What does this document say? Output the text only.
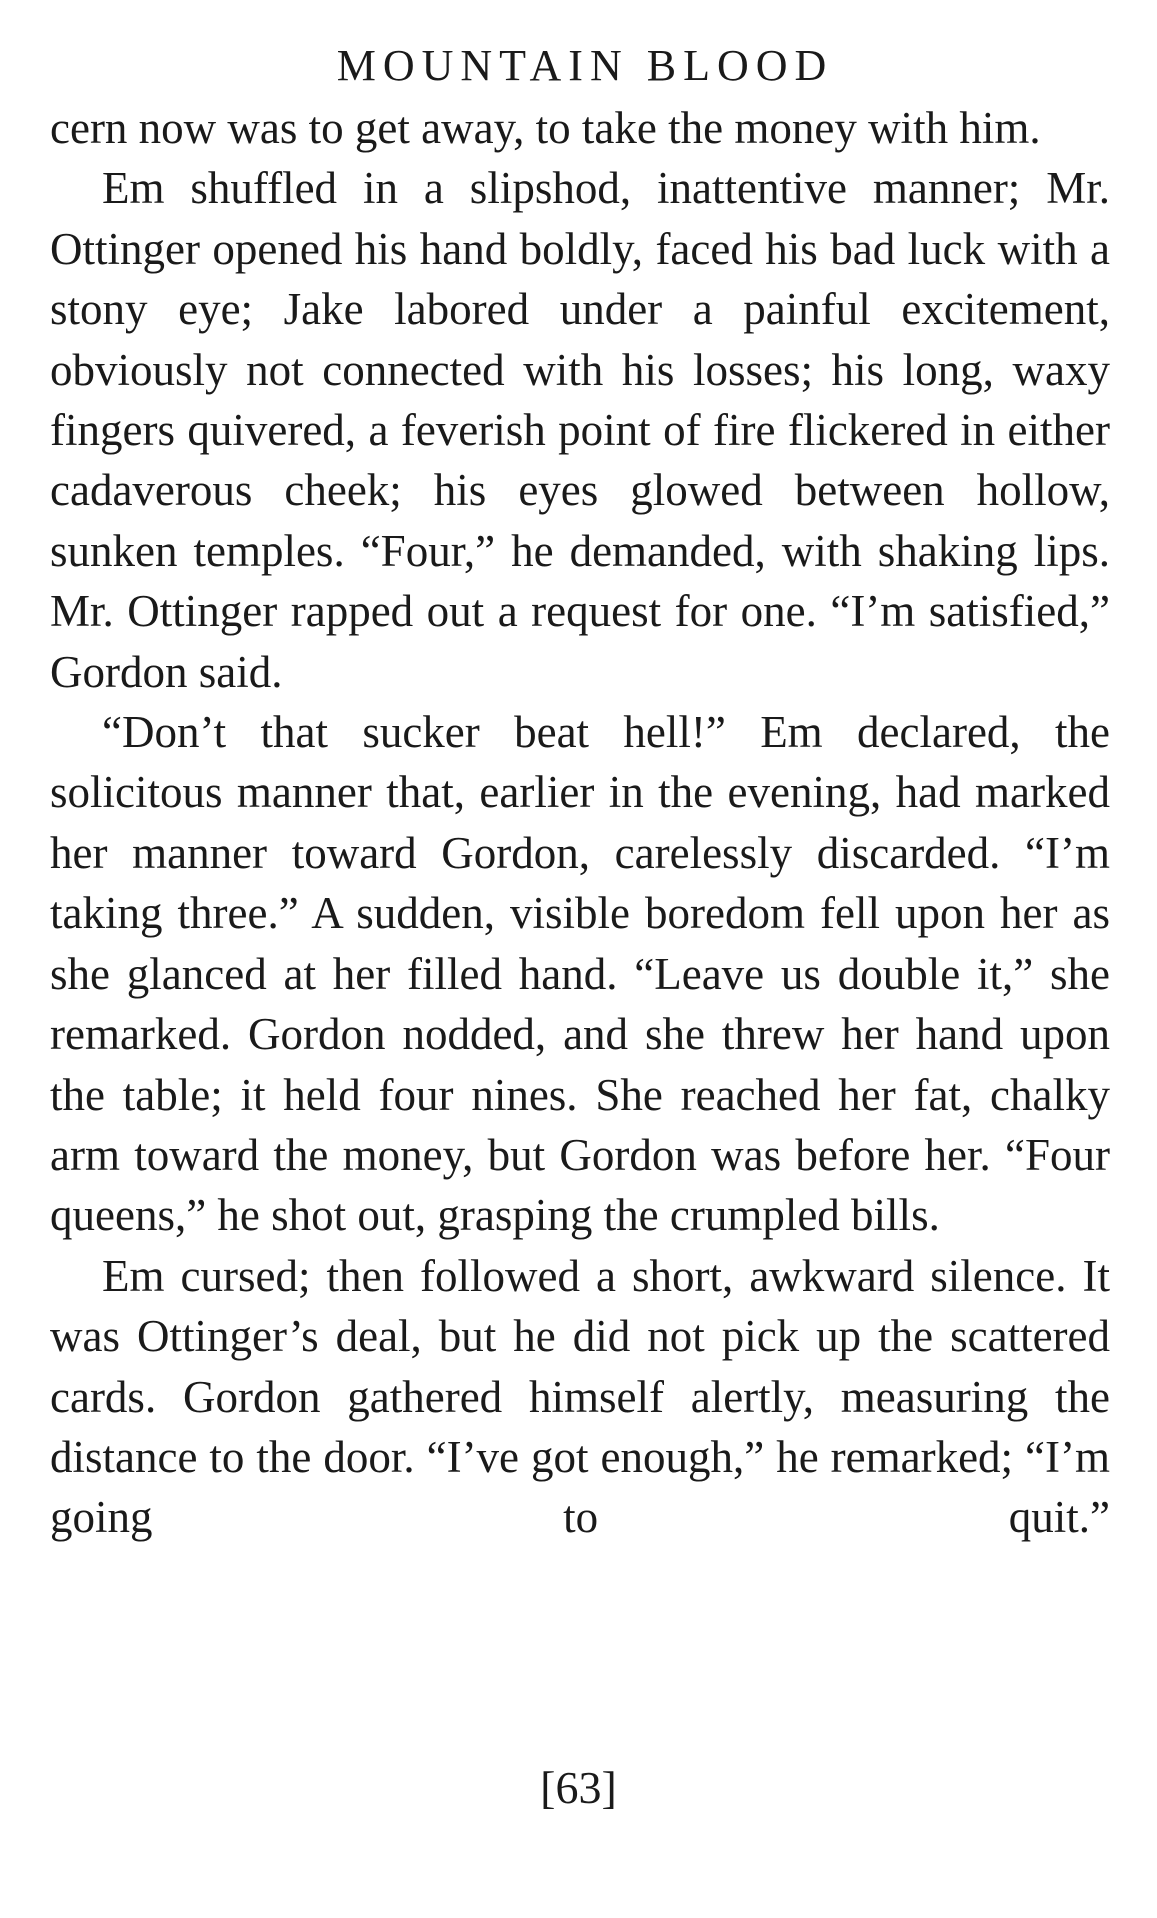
MOUNTAIN BLOOD

cern now was to get away, to take the money with him.

Em shuffled in a slipshod, inattentive manner; Mr. Ottinger opened his hand boldly, faced his bad luck with a stony eye; Jake labored under a painful excitement, obviously not connected with his losses; his long, waxy fingers quivered, a feverish point of fire flickered in either cadaverous cheek; his eyes glowed between hollow, sunken temples. “Four,” he demanded, with shaking lips. Mr. Ottinger rapped out a request for one. “I’m satisfied,” Gordon said.

“Don’t that sucker beat hell!” Em declared, the solicitous manner that, earlier in the evening, had marked her manner toward Gordon, carelessly discarded. “I’m taking three.” A sudden, visible boredom fell upon her as she glanced at her filled hand. “Leave us double it,” she remarked. Gordon nodded, and she threw her hand upon the table; it held four nines. She reached her fat, chalky arm toward the money, but Gordon was before her. “Four queens,” he shot out, grasping the crumpled bills.

Em cursed; then followed a short, awkward silence. It was Ottinger’s deal, but he did not pick up the scattered cards. Gordon gathered himself alertly, measuring the distance to the door. “I’ve got enough,” he remarked; “I’m going to quit.”

[63]
